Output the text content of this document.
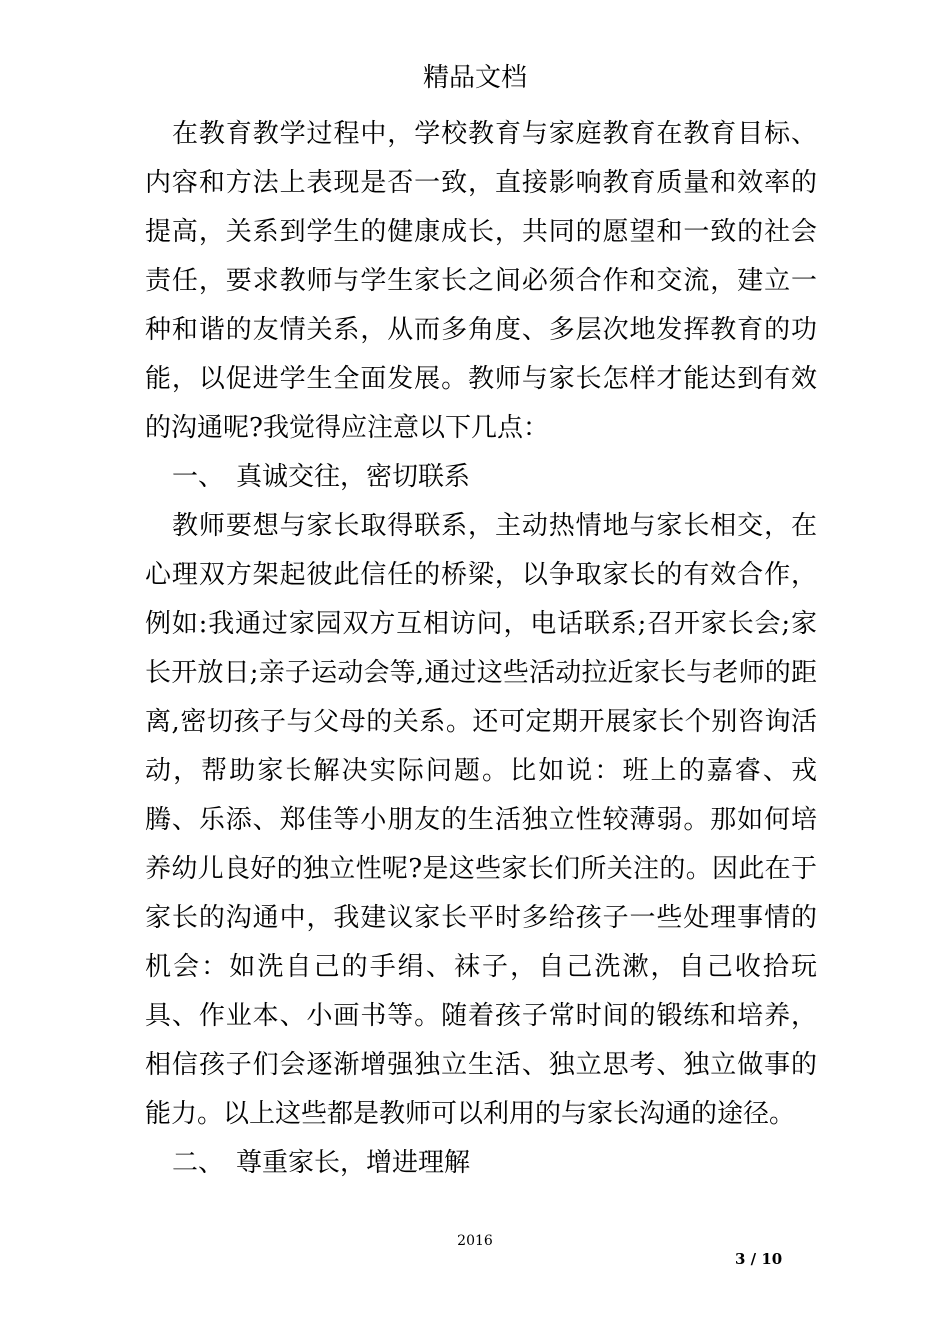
精品文档

在教育教学过程中，学校教育与家庭教育在教育目标、内容和方法上表现是否一致，直接影响教育质量和效率的提高，关系到学生的健康成长，共同的愿望和一致的社会责任，要求教师与学生家长之间必须合作和交流，建立一种和谐的友情关系，从而多角度、多层次地发挥教育的功能，以促进学生全面发展。教师与家长怎样才能达到有效的沟通呢?我觉得应注意以下几点：

一、 真诚交往，密切联系

教师要想与家长取得联系，主动热情地与家长相交，在心理双方架起彼此信任的桥梁，以争取家长的有效合作，例如:我通过家园双方互相访问，电话联系;召开家长会;家长开放日;亲子运动会等,通过这些活动拉近家长与老师的距离,密切孩子与父母的关系。还可定期开展家长个别咨询活动，帮助家长解决实际问题。比如说：班上的嘉睿、戎腾、乐添、郑佳等小朋友的生活独立性较薄弱。那如何培养幼儿良好的独立性呢?是这些家长们所关注的。因此在于家长的沟通中，我建议家长平时多给孩子一些处理事情的机会：如洗自己的手绢、袜子，自己洗漱，自己收拾玩具、作业本、小画书等。随着孩子常时间的锻练和培养，相信孩子们会逐渐增强独立生活、独立思考、独立做事的能力。以上这些都是教师可以利用的与家长沟通的途径。

二、 尊重家长，增进理解

2016
3 / 10
